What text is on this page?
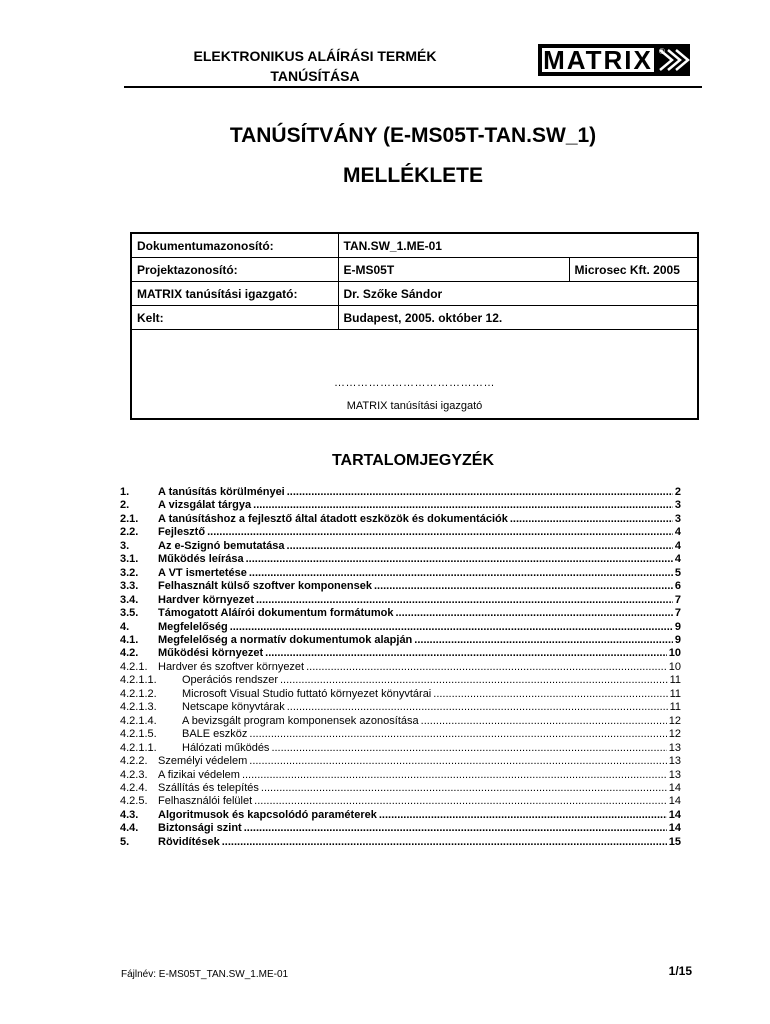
ELEKTRONIKUS ALÁÍRÁSI TERMÉK
TANÚSÍTÁSA
MATRIX ®
TANÚSÍTVÁNY (E-MS05T-TAN.SW_1)
MELLÉKLETE
Dokumentumazonosító:	TAN.SW_1.ME-01	
Projektazonosító:	E-MS05T	Microsec Kft. 2005
MATRIX tanúsítási igazgató:	Dr. Szőke Sándor	
Kelt:	Budapest, 2005. október 12.	
……………………………………
MATRIX tanúsítási igazgató
TARTALOMJEGYZÉK
1.	A tanúsítás körülményei .....	2
2.	A vizsgálat tárgya .....	3
2.1.	A tanúsításhoz a fejlesztő által átadott eszközök és dokumentációk .....	3
2.2.	Fejlesztő .....	4
3.	Az e-Szignó bemutatása .....	4
3.1.	Működés leírása .....	4
3.2.	A VT ismertetése .....	5
3.3.	Felhasznált külső szoftver komponensek .....	6
3.4.	Hardver környezet .....	7
3.5.	Támogatott Aláírói dokumentum formátumok .....	7
4.	Megfelelőség .....	9
4.1.	Megfelelőség a normatív dokumentumok alapján .....	9
4.2.	Működési környezet .....	10
4.2.1. Hardver és szoftver környezet .....	10
4.2.1.1.	Operációs rendszer .....	11
4.2.1.2.	Microsoft Visual Studio futtató környezet könyvtárai .....	11
4.2.1.3.	Netscape könyvtárak .....	11
4.2.1.4.	A bevizsgált program komponensek azonosítása .....	12
4.2.1.5.	BALE eszköz .....	12
4.2.1.1.	Hálózati működés .....	13
4.2.2. Személyi védelem .....	13
4.2.3. A fizikai védelem .....	13
4.2.4. Szállítás és telepítés .....	14
4.2.5. Felhasználói felület .....	14
4.3.	Algoritmusok és kapcsolódó paraméterek .....	14
4.4.	Biztonsági szint .....	14
5.	Rövidítések .....	15
Fájlnév: E-MS05T_TAN.SW_1.ME-01	1/15
